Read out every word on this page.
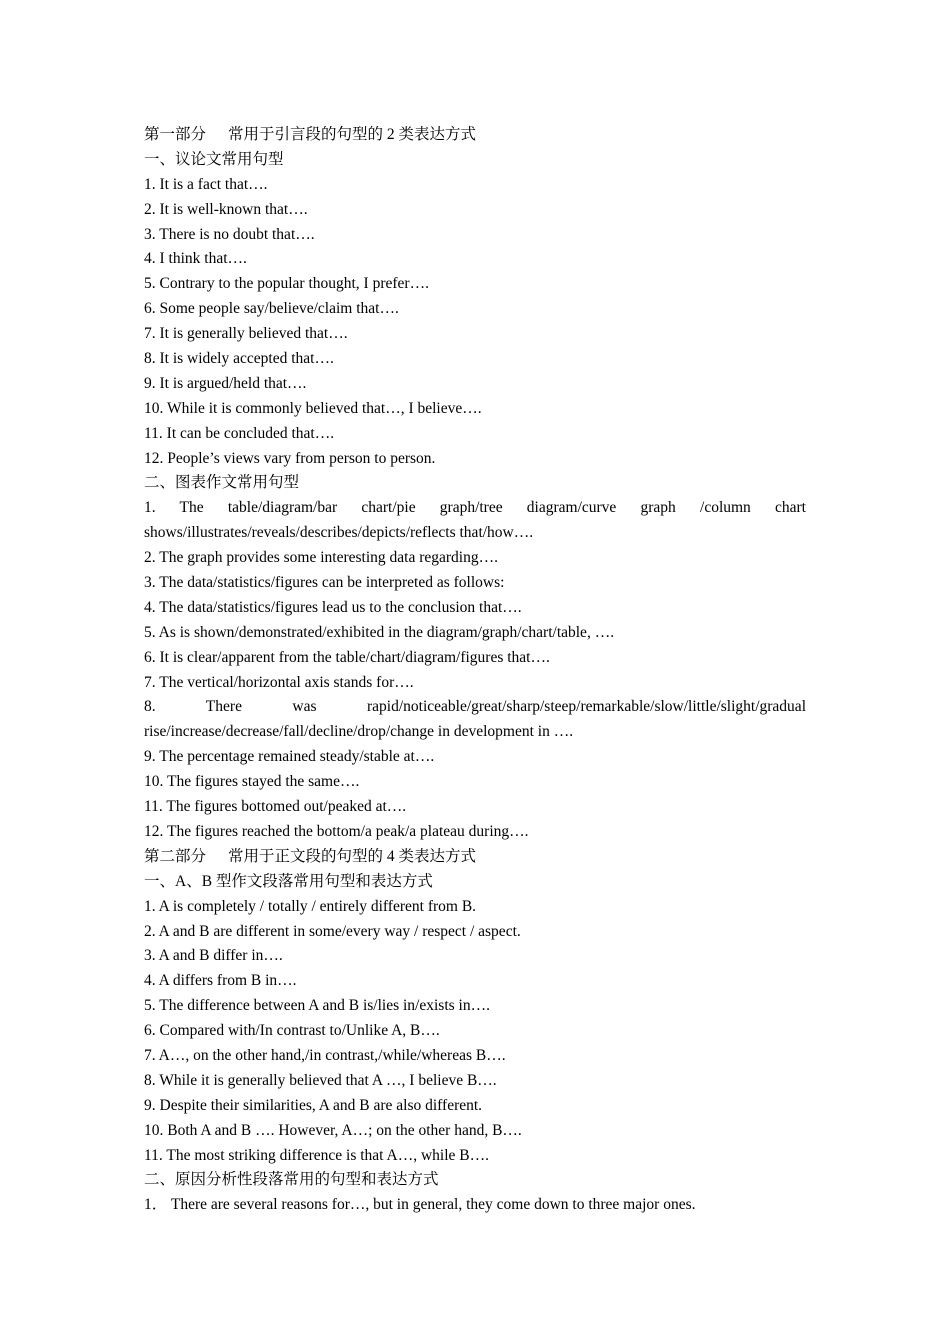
第一部分 常用于引言段的句型的 2 类表达方式
一、议论文常用句型
1. It is a fact that….
2. It is well-known that….
3. There is no doubt that….
4. I think that….
5. Contrary to the popular thought, I prefer….
6. Some people say/believe/claim that….
7. It is generally believed that….
8. It is widely accepted that….
9. It is argued/held that….
10. While it is commonly believed that…, I believe….
11. It can be concluded that….
12. People’s views vary from person to person.
二、图表作文常用句型
1. The table/diagram/bar chart/pie graph/tree diagram/curve graph /column chart
shows/illustrates/reveals/describes/depicts/reflects that/how….
2. The graph provides some interesting data regarding….
3. The data/statistics/figures can be interpreted as follows:
4. The data/statistics/figures lead us to the conclusion that….
5. As is shown/demonstrated/exhibited in the diagram/graph/chart/table, ….
6. It is clear/apparent from the table/chart/diagram/figures that….
7. The vertical/horizontal axis stands for….
8. There was rapid/noticeable/great/sharp/steep/remarkable/slow/little/slight/gradual
rise/increase/decrease/fall/decline/drop/change in development in ….
9. The percentage remained steady/stable at….
10. The figures stayed the same….
11. The figures bottomed out/peaked at….
12. The figures reached the bottom/a peak/a plateau during….
第二部分 常用于正文段的句型的 4 类表达方式
一、A、B 型作文段落常用句型和表达方式
1. A is completely / totally / entirely different from B.
2. A and B are different in some/every way / respect / aspect.
3. A and B differ in….
4. A differs from B in….
5. The difference between A and B is/lies in/exists in….
6. Compared with/In contrast to/Unlike A, B….
7. A…, on the other hand,/in contrast,/while/whereas B….
8. While it is generally believed that A …, I believe B….
9. Despite their similarities, A and B are also different.
10. Both A and B …. However, A…; on the other hand, B….
11. The most striking difference is that A…, while B….
二、原因分析性段落常用的句型和表达方式
1． There are several reasons for…, but in general, they come down to three major ones.
